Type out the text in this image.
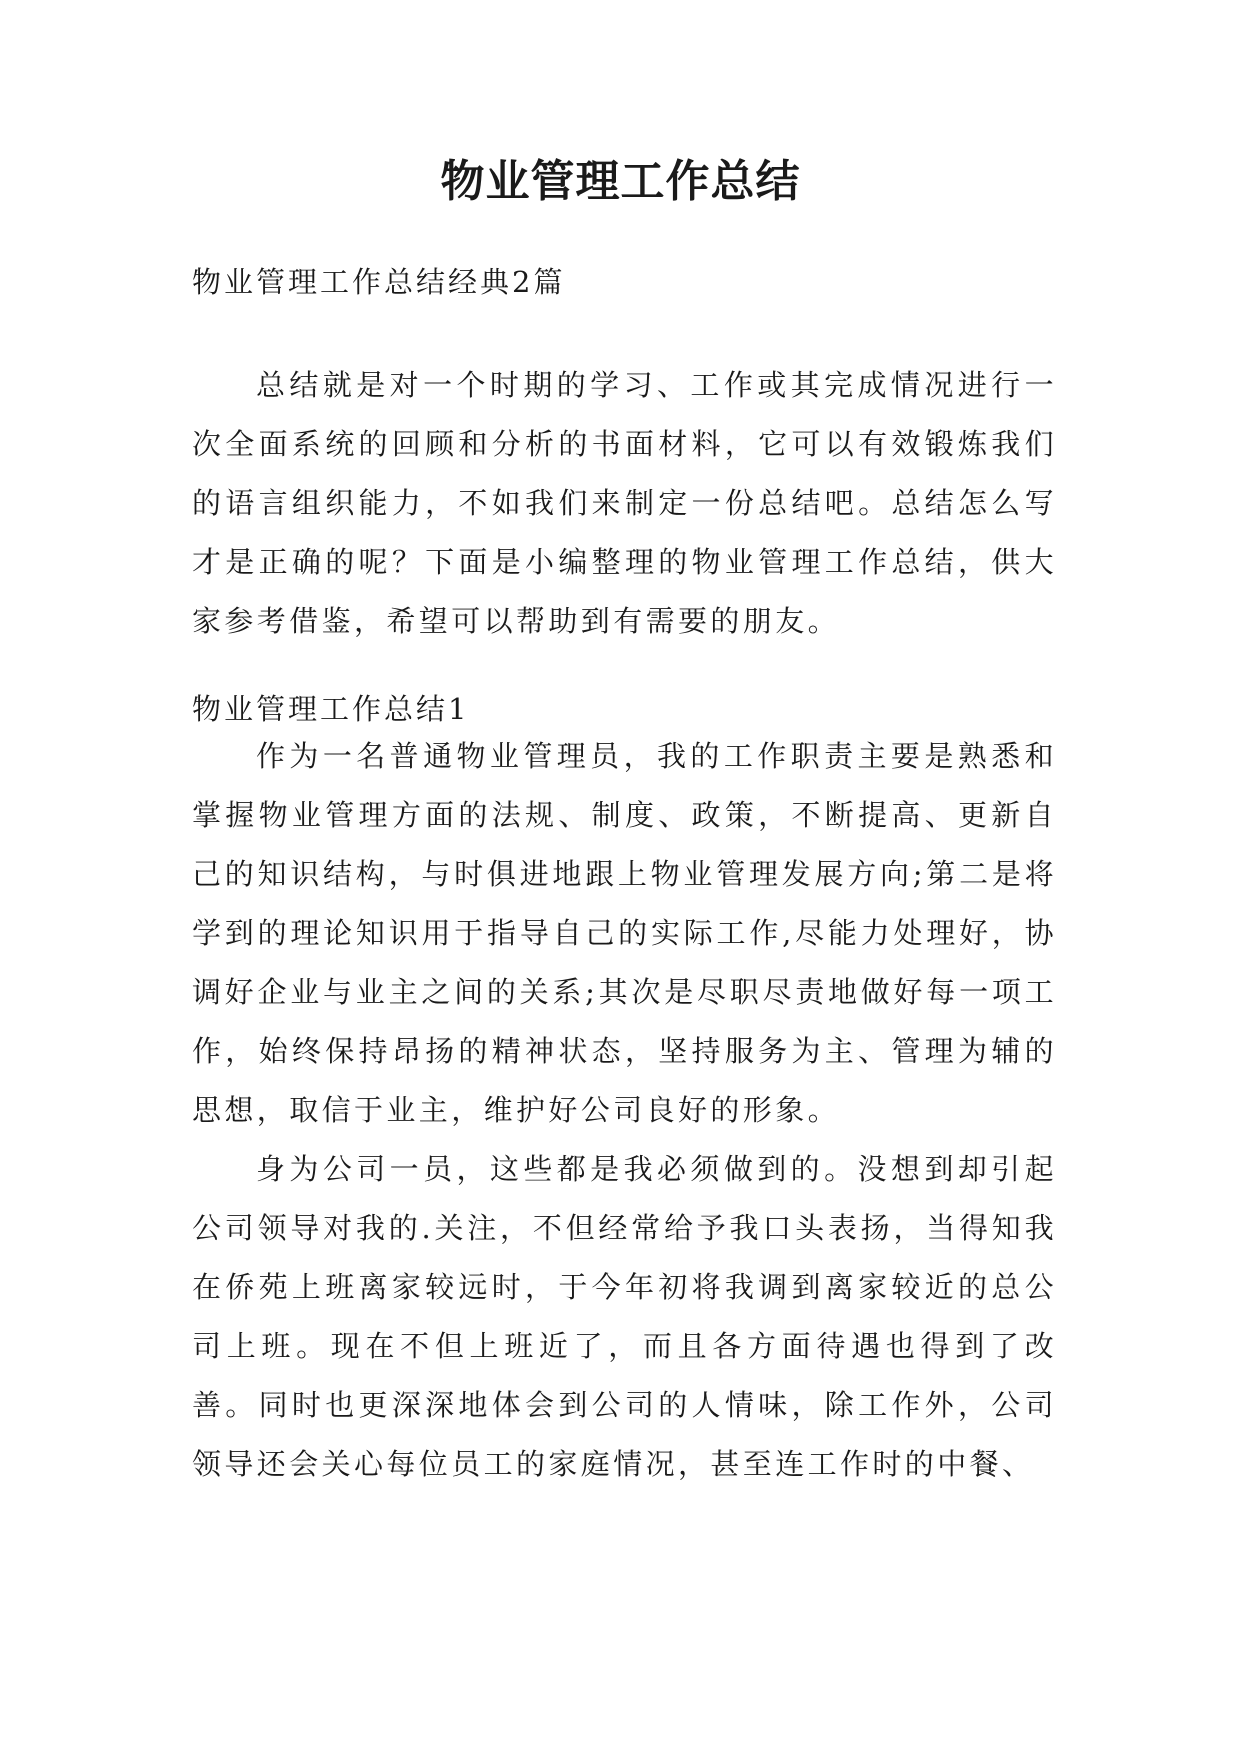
物业管理工作总结
物业管理工作总结经典2篇

总结就是对一个时期的学习、工作或其完成情况进行一次全面系统的回顾和分析的书面材料，它可以有效锻炼我们的语言组织能力，不如我们来制定一份总结吧。总结怎么写才是正确的呢？下面是小编整理的物业管理工作总结，供大家参考借鉴，希望可以帮助到有需要的朋友。

物业管理工作总结1

作为一名普通物业管理员，我的工作职责主要是熟悉和掌握物业管理方面的法规、制度、政策，不断提高、更新自己的知识结构，与时俱进地跟上物业管理发展方向;第二是将学到的理论知识用于指导自己的实际工作,尽能力处理好，协调好企业与业主之间的关系;其次是尽职尽责地做好每一项工作，始终保持昂扬的精神状态，坚持服务为主、管理为辅的思想，取信于业主，维护好公司良好的形象。

身为公司一员，这些都是我必须做到的。没想到却引起公司领导对我的.关注，不但经常给予我口头表扬，当得知我在侨苑上班离家较远时，于今年初将我调到离家较近的总公司上班。现在不但上班近了，而且各方面待遇也得到了改善。同时也更深深地体会到公司的人情味，除工作外，公司领导还会关心每位员工的家庭情况，甚至连工作时的中餐、
